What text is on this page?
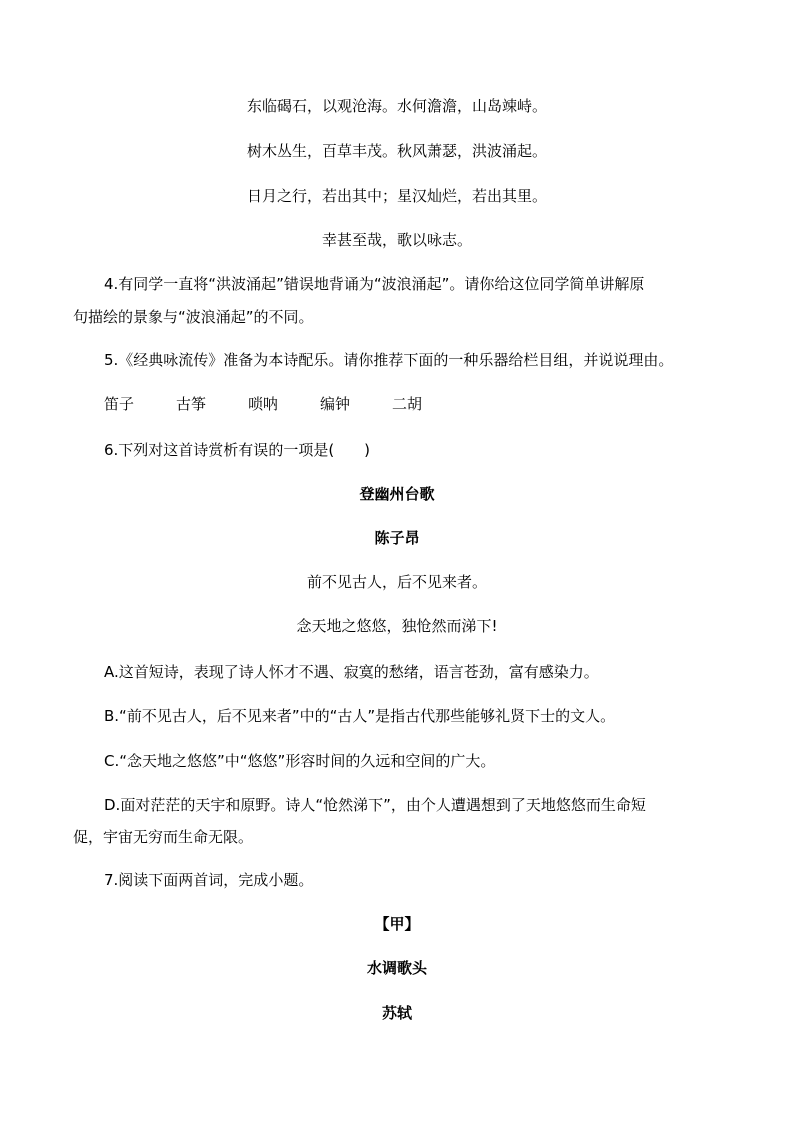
东临碣石，以观沧海。水何澹澹，山岛竦峙。
树木丛生，百草丰茂。秋风萧瑟，洪波涌起。
日月之行，若出其中；星汉灿烂，若出其里。
幸甚至哉，歌以咏志。
4.有同学一直将“洪波涌起”错误地背诵为“波浪涌起”。请你给这位同学简单讲解原
句描绘的景象与“波浪涌起”的不同。
5.《经典咏流传》准备为本诗配乐。请你推荐下面的一种乐器给栏目组，并说说理由。
笛子	古筝	唢呐	编钟	二胡
6.下列对这首诗赏析有误的一项是(　　)
登幽州台歌
陈子昂
前不见古人，后不见来者。
念天地之悠悠，独怆然而涕下!
A.这首短诗，表现了诗人怀才不遇、寂寞的愁绪，语言苍劲，富有感染力。
B.“前不见古人，后不见来者”中的“古人”是指古代那些能够礼贤下士的文人。
C.“念天地之悠悠”中“悠悠”形容时间的久远和空间的广大。
D.面对茫茫的天宇和原野。诗人“怆然涕下”，由个人遭遇想到了天地悠悠而生命短
促，宇宙无穷而生命无限。
7.阅读下面两首词，完成小题。
【甲】
水调歌头
苏轼
